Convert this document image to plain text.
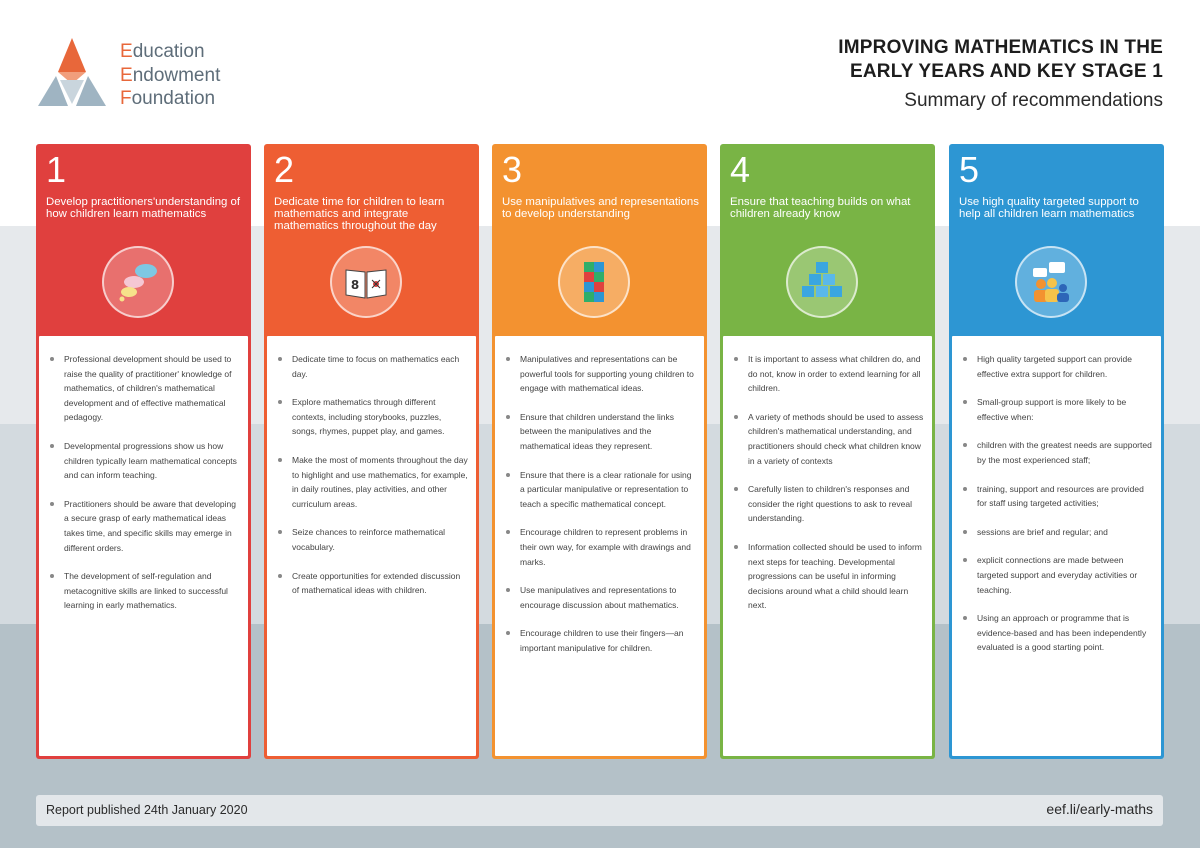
Education
Endowment
Foundation
IMPROVING MATHEMATICS IN THE EARLY YEARS AND KEY STAGE 1
Summary of recommendations
1
Develop practitioners'understanding of how children learn mathematics
Professional development should be used to raise the quality of practitioner' knowledge of mathematics, of children's mathematical development and of effective mathematical pedagogy.
Developmental progressions show us how children typically learn mathematical concepts and can inform teaching.
Practitioners should be aware that developing a secure grasp of early mathematical ideas takes time, and specific skills may emerge in different orders.
The development of self-regulation and metacognitive skills are linked to successful learning in early mathematics.
2
Dedicate time for children to learn mathematics and integrate mathematics throughout the day
8
Dedicate time to focus on mathematics each day.
Explore mathematics through different contexts, including storybooks, puzzles, songs, rhymes, puppet play, and games.
Make the most of moments throughout the day to highlight and use mathematics, for example, in daily routines, play activities, and other curriculum areas.
Seize chances to reinforce mathematical vocabulary.
Create opportunities for extended discussion of mathematical ideas with children.
3
Use manipulatives and representations to develop understanding
Manipulatives and representations can be powerful tools for supporting young children to engage with mathematical ideas.
Ensure that children understand the links between the manipulatives and the mathematical ideas they represent.
Ensure that there is a clear rationale for using a particular manipulative or representation to teach a specific mathematical concept.
Encourage children to represent problems in their own way, for example with drawings and marks.
Use manipulatives and representations to encourage discussion about mathematics.
Encourage children to use their fingers—an important manipulative for children.
4
Ensure that teaching builds on what children already know
It is important to assess what children do, and do not, know in order to extend learning for all children.
A variety of methods should be used to assess children's mathematical understanding, and practitioners should check what children know in a variety of contexts
Carefully listen to children's responses and consider the right questions to ask to reveal understanding.
Information collected should be used to inform next steps for teaching. Developmental progressions can be useful in informing decisions around what a child should learn next.
5
Use high quality targeted support to help all children learn mathematics
High quality targeted support can provide effective extra support for children.
Small-group support is more likely to be effective when:
children with the greatest needs are supported by the most experienced staff;
training, support and resources are provided for staff using targeted activities;
sessions are brief and regular; and
explicit connections are made between targeted support and everyday activities or teaching.
Using an approach or programme that is evidence-based and has been independently evaluated is a good starting point.
Report published 24th January 2020	eef.li/early-maths
